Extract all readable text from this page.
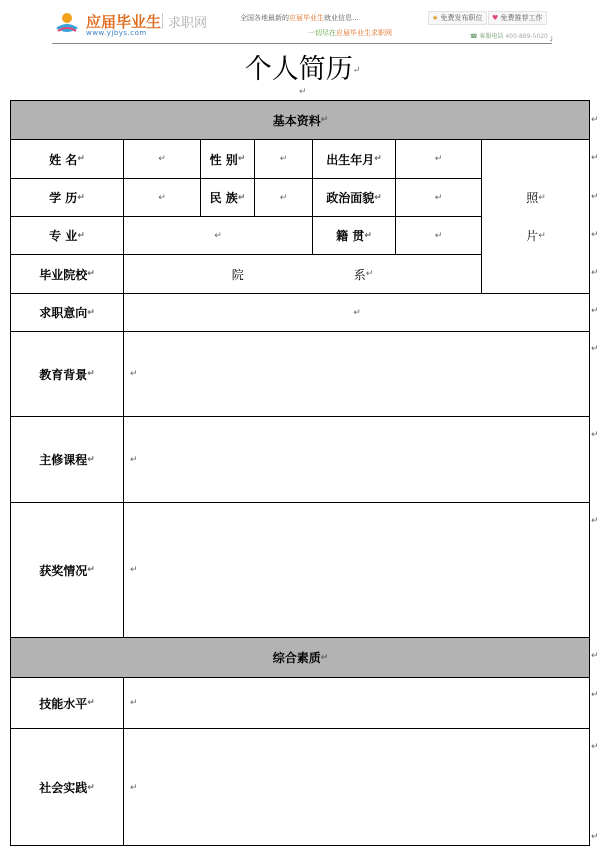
应届毕业生 求职网
www.yjbys.com
全国各地最新的应届毕业生就业信息…
一切尽在应届毕业生求职网
★ 免费发布职位	♥ 免费推荐工作
☎ 客服电话 400-889-5020 ˩
个人简历↵
↵
基本资料 ↵
姓 名 ↵	↵	性 别 ↵	↵	出生年月 ↵	↵
照 ↵
片 ↵
学 历 ↵	↵	民 族 ↵	↵	政治面貌 ↵	↵
专 业 ↵	↵	籍 贯 ↵	↵
毕业院校 ↵	院	系 ↵
求职意向 ↵	↵
教育背景 ↵	↵
主修课程 ↵	↵
获奖情况 ↵	↵
综合素质 ↵
技能水平 ↵	↵
社会实践 ↵	↵
↵
↵
↵
↵
↵
↵
↵
↵
↵
↵
↵
↵
↵
